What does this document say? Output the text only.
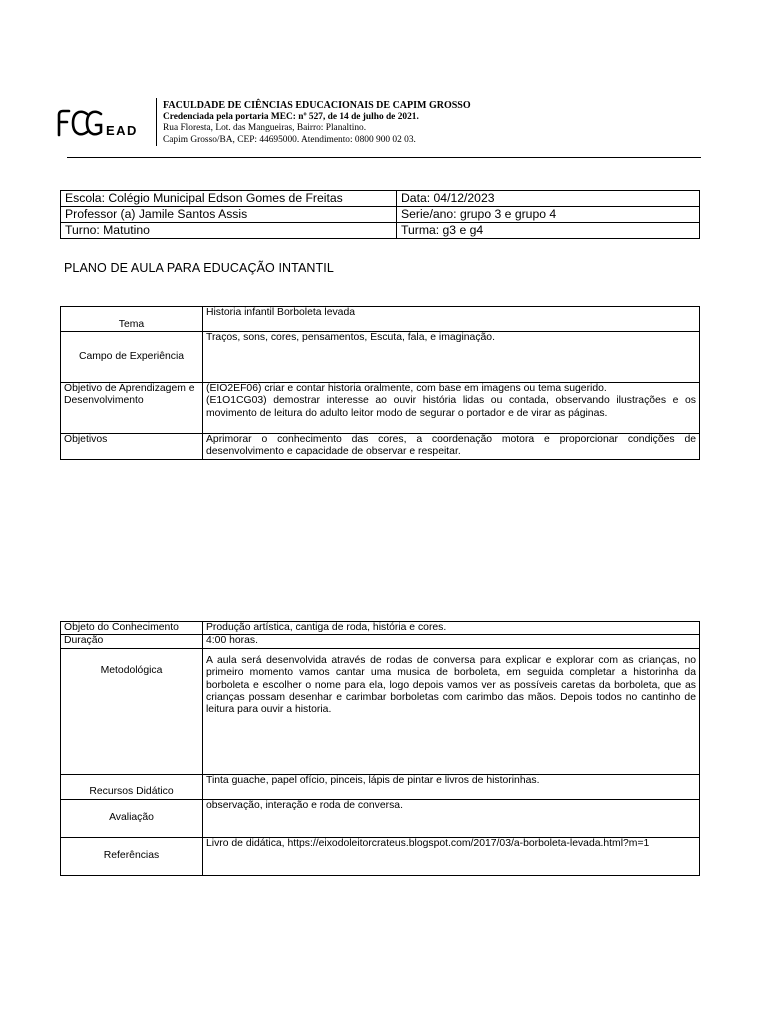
EAD
FACULDADE DE CIÊNCIAS EDUCACIONAIS DE CAPIM GROSSO
Credenciada pela portaria MEC: nº 527, de 14 de julho de 2021.
Rua Floresta, Lot. das Mangueiras, Bairro: Planaltino.
Capim Grosso/BA, CEP: 44695000. Atendimento: 0800 900 02 03.
Escola: Colégio Municipal Edson Gomes de Freitas	Data: 04/12/2023
Professor (a) Jamile Santos Assis	Serie/ano: grupo 3 e grupo 4
Turno: Matutino	Turma: g3 e g4
PLANO DE AULA PARA EDUCAÇÃO INTANTIL
Tema	Historia infantil Borboleta levada
Campo de Experiência	Traços, sons, cores, pensamentos, Escuta, fala, e imaginação.
Objetivo de Aprendizagem e Desenvolvimento	(EIO2EF06) criar e contar historia oralmente, com base em imagens ou tema sugerido.
(E1O1CG03) demostrar interesse ao ouvir história lidas ou contada, observando ilustrações e os movimento de leitura do adulto leitor modo de segurar o portador e de virar as páginas.

Objetivos	Aprimorar o conhecimento das cores, a coordenação motora e proporcionar condições de desenvolvimento e capacidade de observar e respeitar.
Objeto do Conhecimento	Produção artística, cantiga de roda, história e cores.
Duração	4:00 horas.
Metodológica	A aula será desenvolvida através de rodas de conversa para explicar e explorar com as crianças, no primeiro momento vamos cantar uma musica de borboleta, em seguida completar a historinha da borboleta e escolher o nome para ela, logo depois vamos ver as possíveis caretas da borboleta, que as crianças possam desenhar e carimbar borboletas com carimbo das mãos. Depois todos no cantinho de leitura para ouvir a historia.
Recursos Didático	Tinta guache, papel ofício, pinceis, lápis de pintar e livros de historinhas.
Avaliação	observação, interação e roda de conversa.
Referências	Livro de didática, https://eixodoleitorcrateus.blogspot.com/2017/03/a-borboleta-levada.html?m=1
